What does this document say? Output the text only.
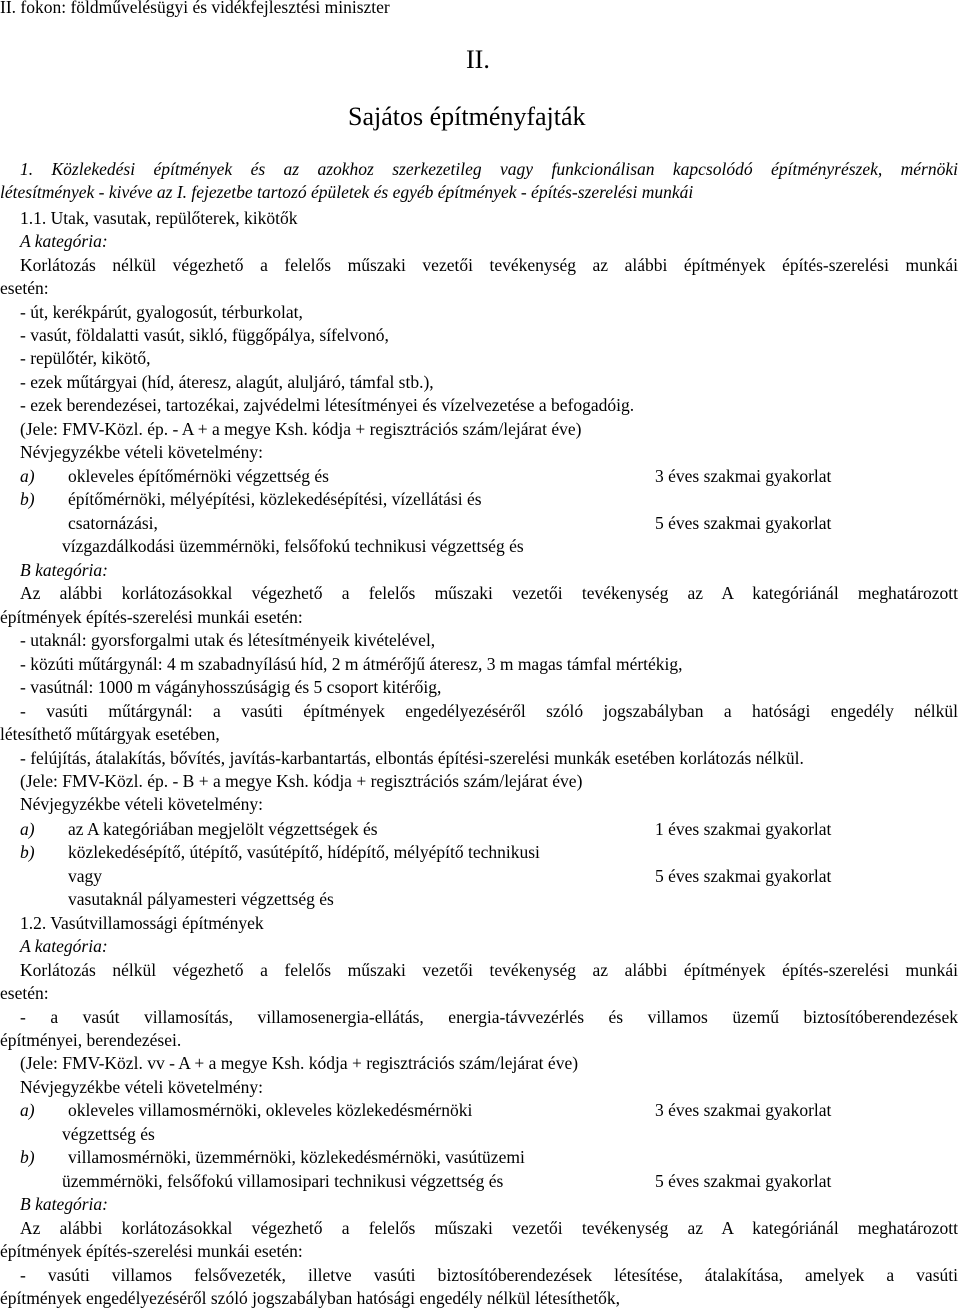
II. fokon: földművelésügyi és vidékfejlesztési miniszter
II.
Sajátos építményfajták
1. Közlekedési építmények és az azokhoz szerkezetileg vagy funkcionálisan kapcsolódó építményrészek, mérnöki
létesítmények - kivéve az I. fejezetbe tartozó épületek és egyéb építmények - építés-szerelési munkái
1.1. Utak, vasutak, repülőterek, kikötők
A kategória:
Korlátozás nélkül végezhető a felelős műszaki vezetői tevékenység az alábbi építmények építés-szerelési munkái
esetén:
- út, kerékpárút, gyalogosút, térburkolat,
- vasút, földalatti vasút, sikló, függőpálya, sífelvonó,
- repülőtér, kikötő,
- ezek műtárgyai (híd, áteresz, alagút, aluljáró, támfal stb.),
- ezek berendezései, tartozékai, zajvédelmi létesítményei és vízelvezetése a befogadóig.
(Jele: FMV-Közl. ép. - A + a megye Ksh. kódja + regisztrációs szám/lejárat éve)
Névjegyzékbe vételi követelmény:
a)	okleveles építőmérnöki végzettség és	3 éves szakmai gyakorlat
b)	építőmérnöki, mélyépítési, közlekedésépítési, vízellátási és
csatornázási,	5 éves szakmai gyakorlat
vízgazdálkodási üzemmérnöki, felsőfokú technikusi végzettség és
B kategória:
Az alábbi korlátozásokkal végezhető a felelős műszaki vezetői tevékenység az A kategóriánál meghatározott
építmények építés-szerelési munkái esetén:
- utaknál: gyorsforgalmi utak és létesítményeik kivételével,
- közúti műtárgynál: 4 m szabadnyílású híd, 2 m átmérőjű áteresz, 3 m magas támfal mértékig,
- vasútnál: 1000 m vágányhosszúságig és 5 csoport kitérőig,
- vasúti műtárgynál: a vasúti építmények engedélyezéséről szóló jogszabályban a hatósági engedély nélkül
létesíthető műtárgyak esetében,
- felújítás, átalakítás, bővítés, javítás-karbantartás, elbontás építési-szerelési munkák esetében korlátozás nélkül.
(Jele: FMV-Közl. ép. - B + a megye Ksh. kódja + regisztrációs szám/lejárat éve)
Névjegyzékbe vételi követelmény:
a)	az A kategóriában megjelölt végzettségek és	1 éves szakmai gyakorlat
b)	közlekedésépítő, útépítő, vasútépítő, hídépítő, mélyépítő technikusi
vagy	5 éves szakmai gyakorlat
vasutaknál pályamesteri végzettség és
1.2. Vasútvillamossági építmények
A kategória:
Korlátozás nélkül végezhető a felelős műszaki vezetői tevékenység az alábbi építmények építés-szerelési munkái
esetén:
- a vasút villamosítás, villamosenergia-ellátás, energia-távvezérlés és villamos üzemű biztosítóberendezések
építményei, berendezései.
(Jele: FMV-Közl. vv - A + a megye Ksh. kódja + regisztrációs szám/lejárat éve)
Névjegyzékbe vételi követelmény:
a)	okleveles villamosmérnöki, okleveles közlekedésmérnöki	3 éves szakmai gyakorlat
végzettség és
b)	villamosmérnöki, üzemmérnöki, közlekedésmérnöki, vasútüzemi
üzemmérnöki, felsőfokú villamosipari technikusi végzettség és	5 éves szakmai gyakorlat
B kategória:
Az alábbi korlátozásokkal végezhető a felelős műszaki vezetői tevékenység az A kategóriánál meghatározott
építmények építés-szerelési munkái esetén:
- vasúti villamos felsővezeték, illetve vasúti biztosítóberendezések létesítése, átalakítása, amelyek a vasúti
építmények engedélyezéséről szóló jogszabályban hatósági engedély nélkül létesíthetők,
